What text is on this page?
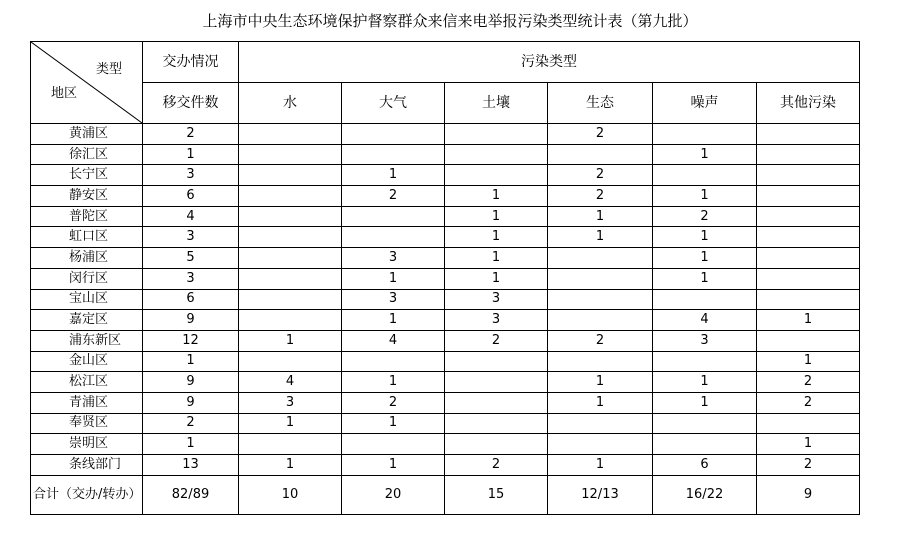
上海市中央生态环境保护督察群众来信来电举报污染类型统计表（第九批）
类型
地区	交办情况	污染类型					
	移交件数	水	大气	土壤	生态	噪声	其他污染
黄浦区	2				2		
徐汇区	1					1	
长宁区	3		1		2		
静安区	6		2	1	2	1	
普陀区	4			1	1	2	
虹口区	3			1	1	1	
杨浦区	5		3	1		1	
闵行区	3		1	1		1	
宝山区	6		3	3			
嘉定区	9		1	3		4	1
浦东新区	12	1	4	2	2	3	
金山区	1						1
松江区	9	4	1		1	1	2
青浦区	9	3	2		1	1	2
奉贤区	2	1	1				
崇明区	1						1
条线部门	13	1	1	2	1	6	2
合计（交办/转办）	82/89	10	20	15	12/13	16/22	9
